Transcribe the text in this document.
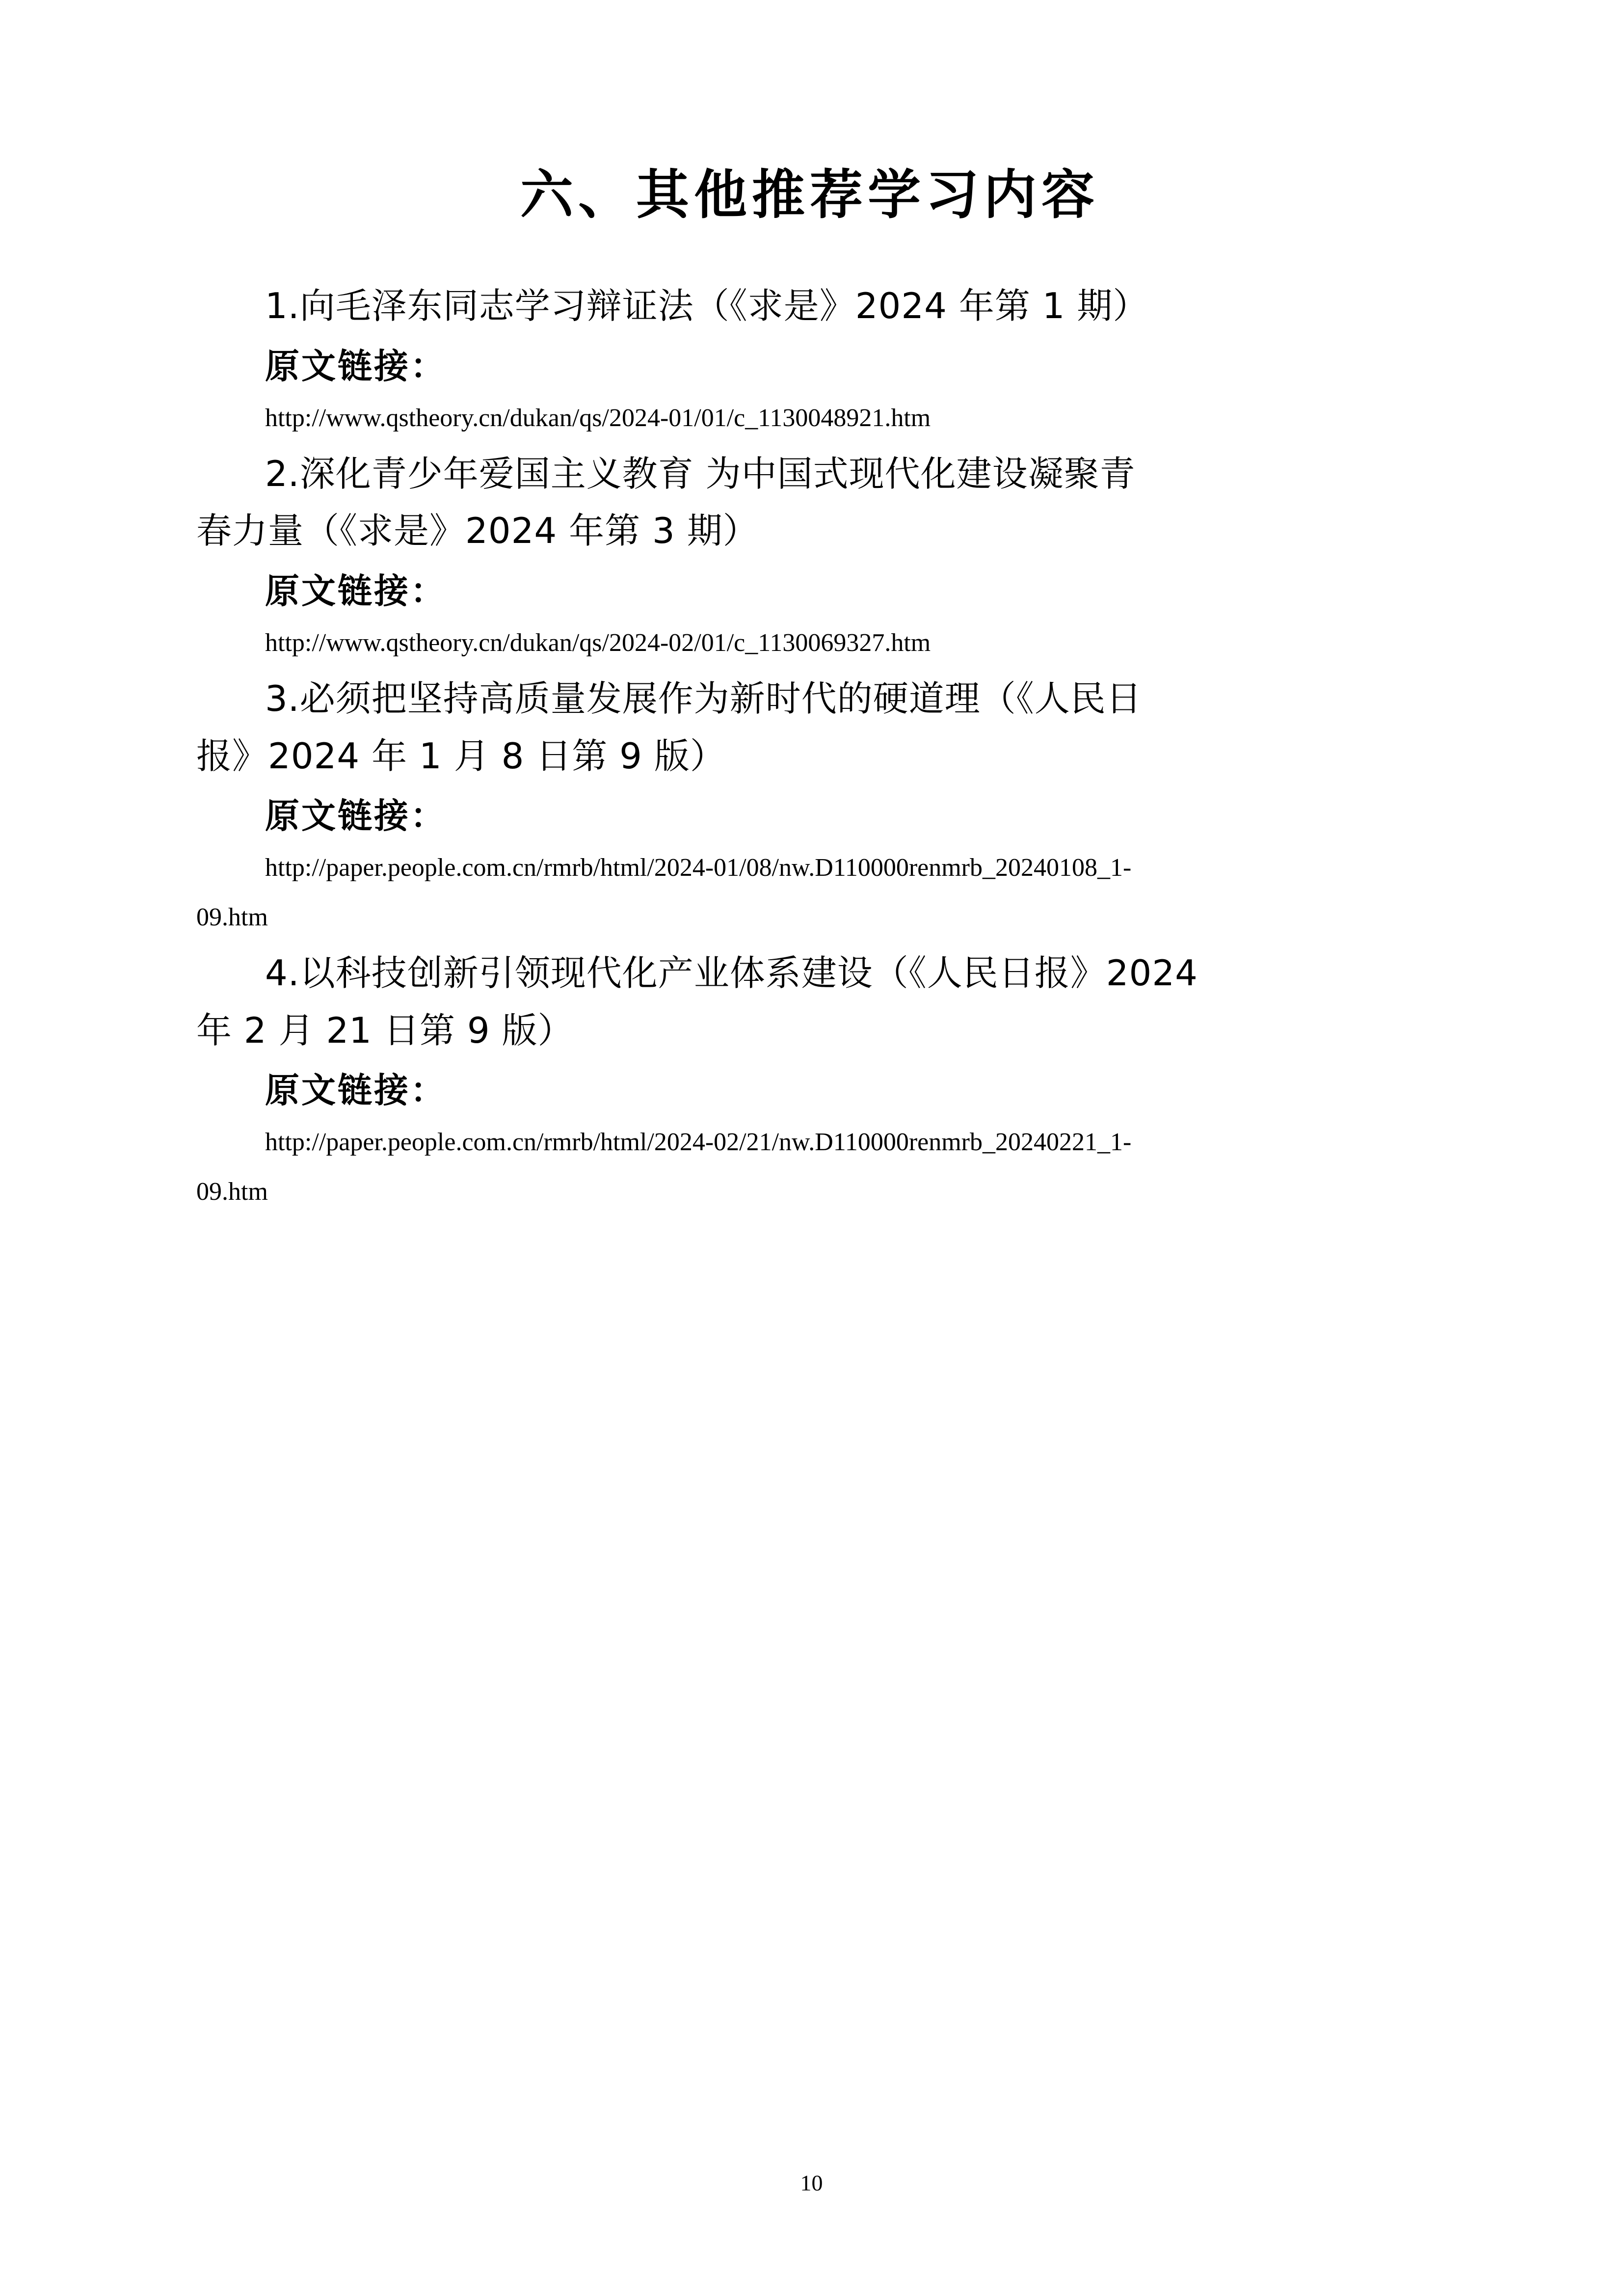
六、其他推荐学习内容

1.向毛泽东同志学习辩证法（《求是》2024 年第 1 期）

原文链接：

http://www.qstheory.cn/dukan/qs/2024-01/01/c_1130048921.htm

2.深化青少年爱国主义教育 为中国式现代化建设凝聚青

春力量（《求是》2024 年第 3 期）

原文链接：

http://www.qstheory.cn/dukan/qs/2024-02/01/c_1130069327.htm

3.必须把坚持高质量发展作为新时代的硬道理（《人民日

报》2024 年 1 月 8 日第 9 版）

原文链接：

http://paper.people.com.cn/rmrb/html/2024-01/08/nw.D110000renmrb_20240108_1-

09.htm

4.以科技创新引领现代化产业体系建设（《人民日报》2024

年 2 月 21 日第 9 版）

原文链接：

http://paper.people.com.cn/rmrb/html/2024-02/21/nw.D110000renmrb_20240221_1-

09.htm

10
